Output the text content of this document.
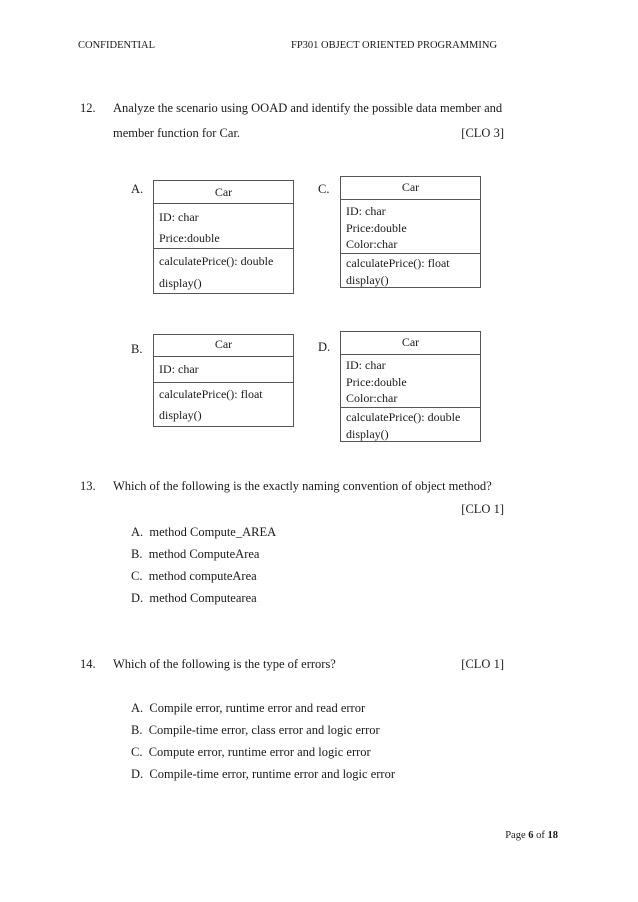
CONFIDENTIAL	FP301 OBJECT ORIENTED PROGRAMMING
12. Analyze the scenario using OOAD and identify the possible data member and
member function for Car.	[CLO 3]
A.	Car
ID: char
Price:double
calculatePrice(): double
display()
C.	Car
ID: char
Price:double
Color:char
calculatePrice(): float
display()
B.	Car
ID: char
calculatePrice(): float
display()
D.	Car
ID: char
Price:double
Color:char
calculatePrice(): double
display()
13. Which of the following is the exactly naming convention of object method?
[CLO 1]
A. method Compute_AREA
B. method ComputeArea
C. method computeArea
D. method Computearea
14. Which of the following is the type of errors?	[CLO 1]
A. Compile error, runtime error and read error
B. Compile-time error, class error and logic error
C. Compute error, runtime error and logic error
D. Compile-time error, runtime error and logic error
Page 6 of 18
